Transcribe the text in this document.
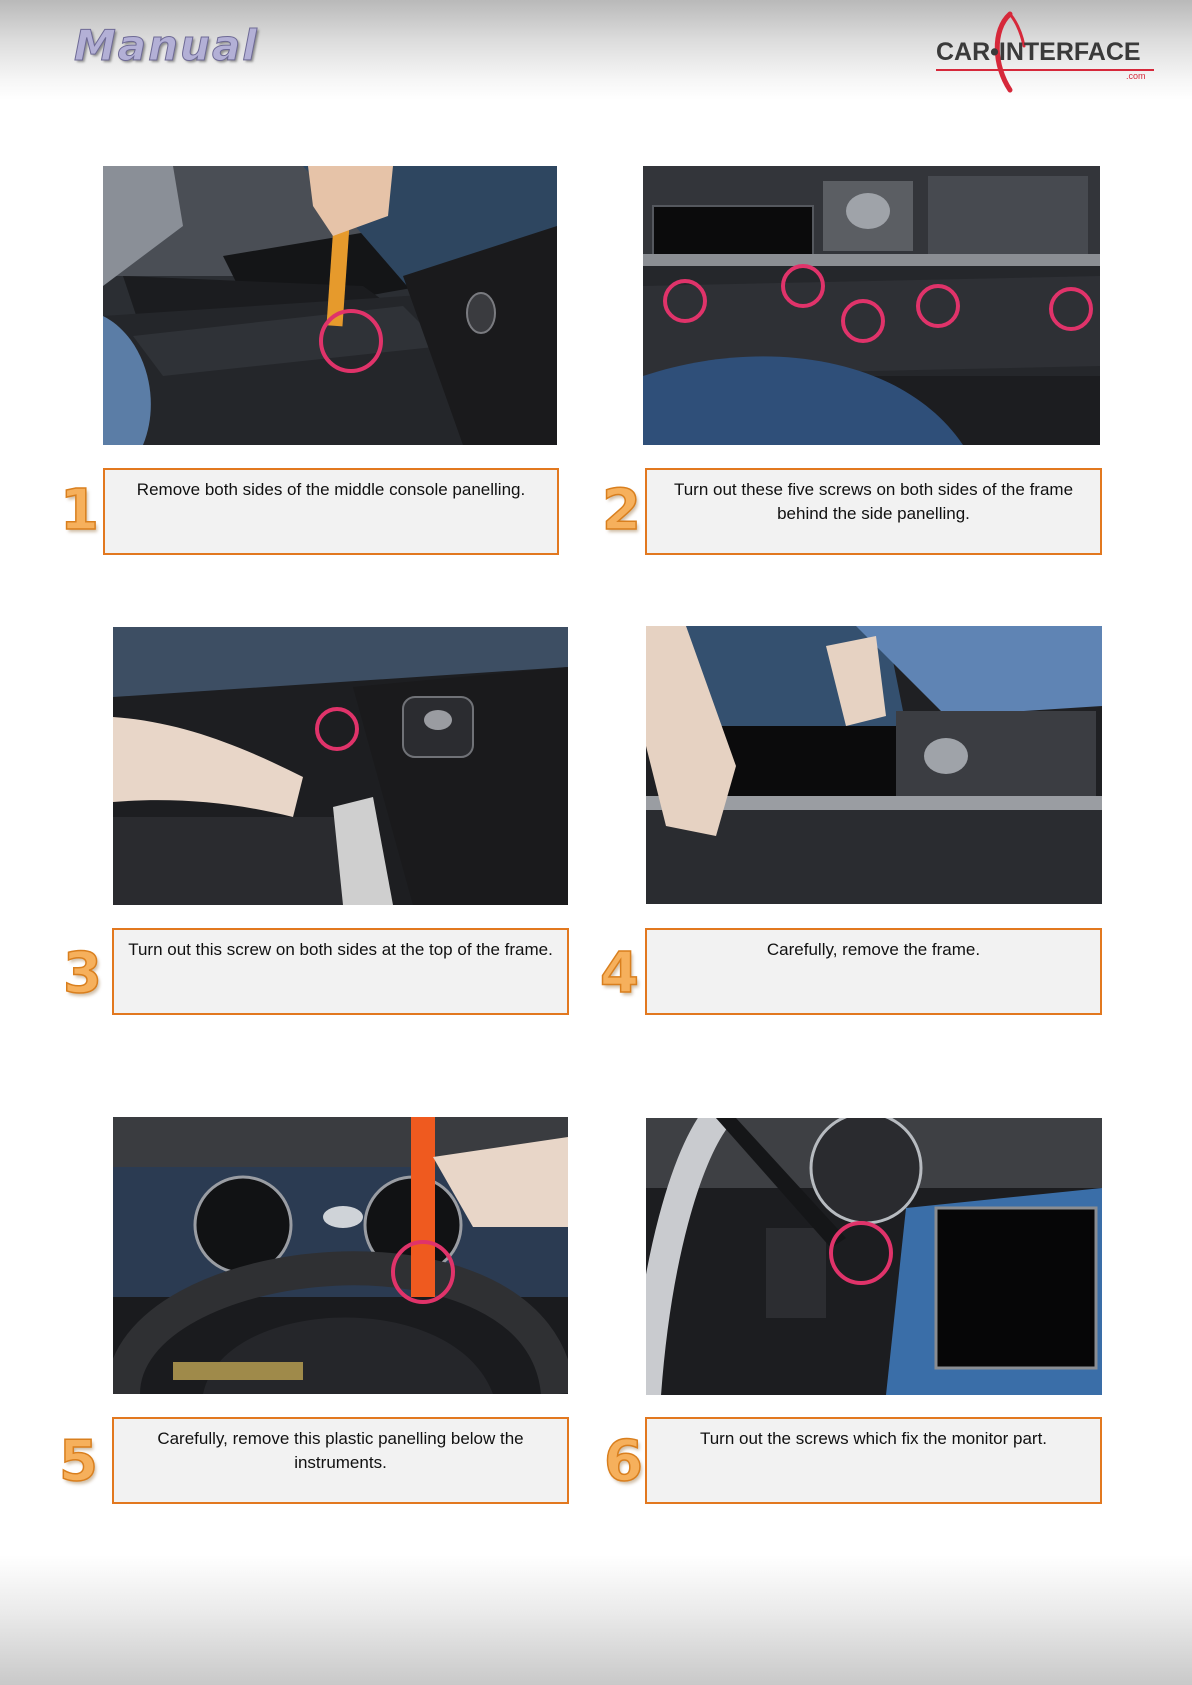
Manual	CAR•INTERFACE
.com
Remove both sides of the middle console panelling.
1	Turn out these five screws on both sides of the frame behind the side panelling.
2
Turn out this screw on both sides at the top of the frame.
3	Carefully, remove the frame.
4
Carefully, remove this plastic panelling below the instruments.
5	Turn out the screws which fix the monitor part.
6
